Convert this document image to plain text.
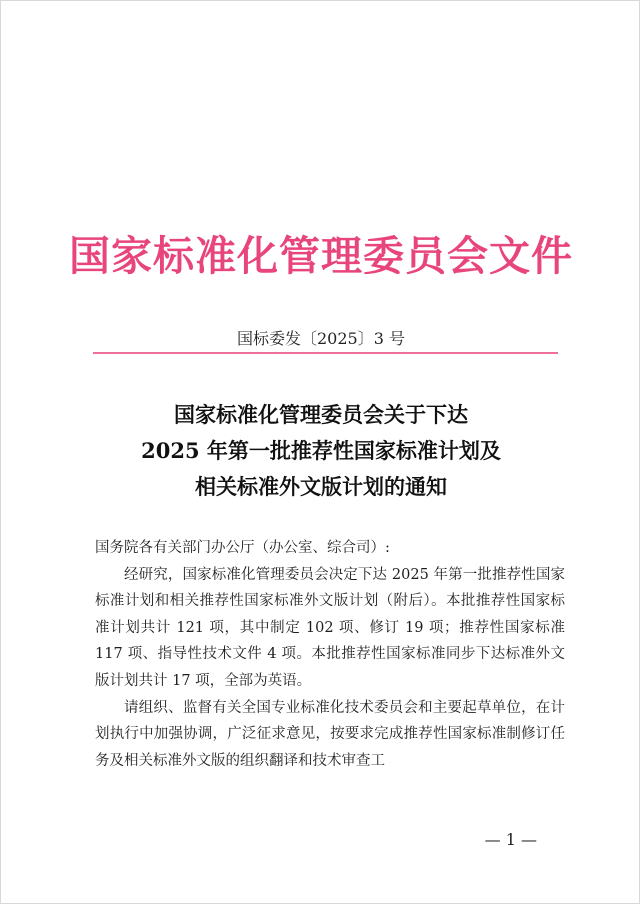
国家标准化管理委员会文件
国标委发〔2025〕3 号
国家标准化管理委员会关于下达
2025 年第一批推荐性国家标准计划及
相关标准外文版计划的通知

国务院各有关部门办公厅（办公室、综合司）:

经研究，国家标准化管理委员会决定下达 2025 年第一批推荐性国家标准计划和相关推荐性国家标准外文版计划（附后）。本批推荐性国家标准计划共计 121 项，其中制定 102 项、修订 19 项；推荐性国家标准 117 项、指导性技术文件 4 项。本批推荐性国家标准同步下达标准外文版计划共计 17 项，全部为英语。

请组织、监督有关全国专业标准化技术委员会和主要起草单位，在计划执行中加强协调，广泛征求意见，按要求完成推荐性国家标准制修订任务及相关标准外文版的组织翻译和技术审查工

— 1 —
